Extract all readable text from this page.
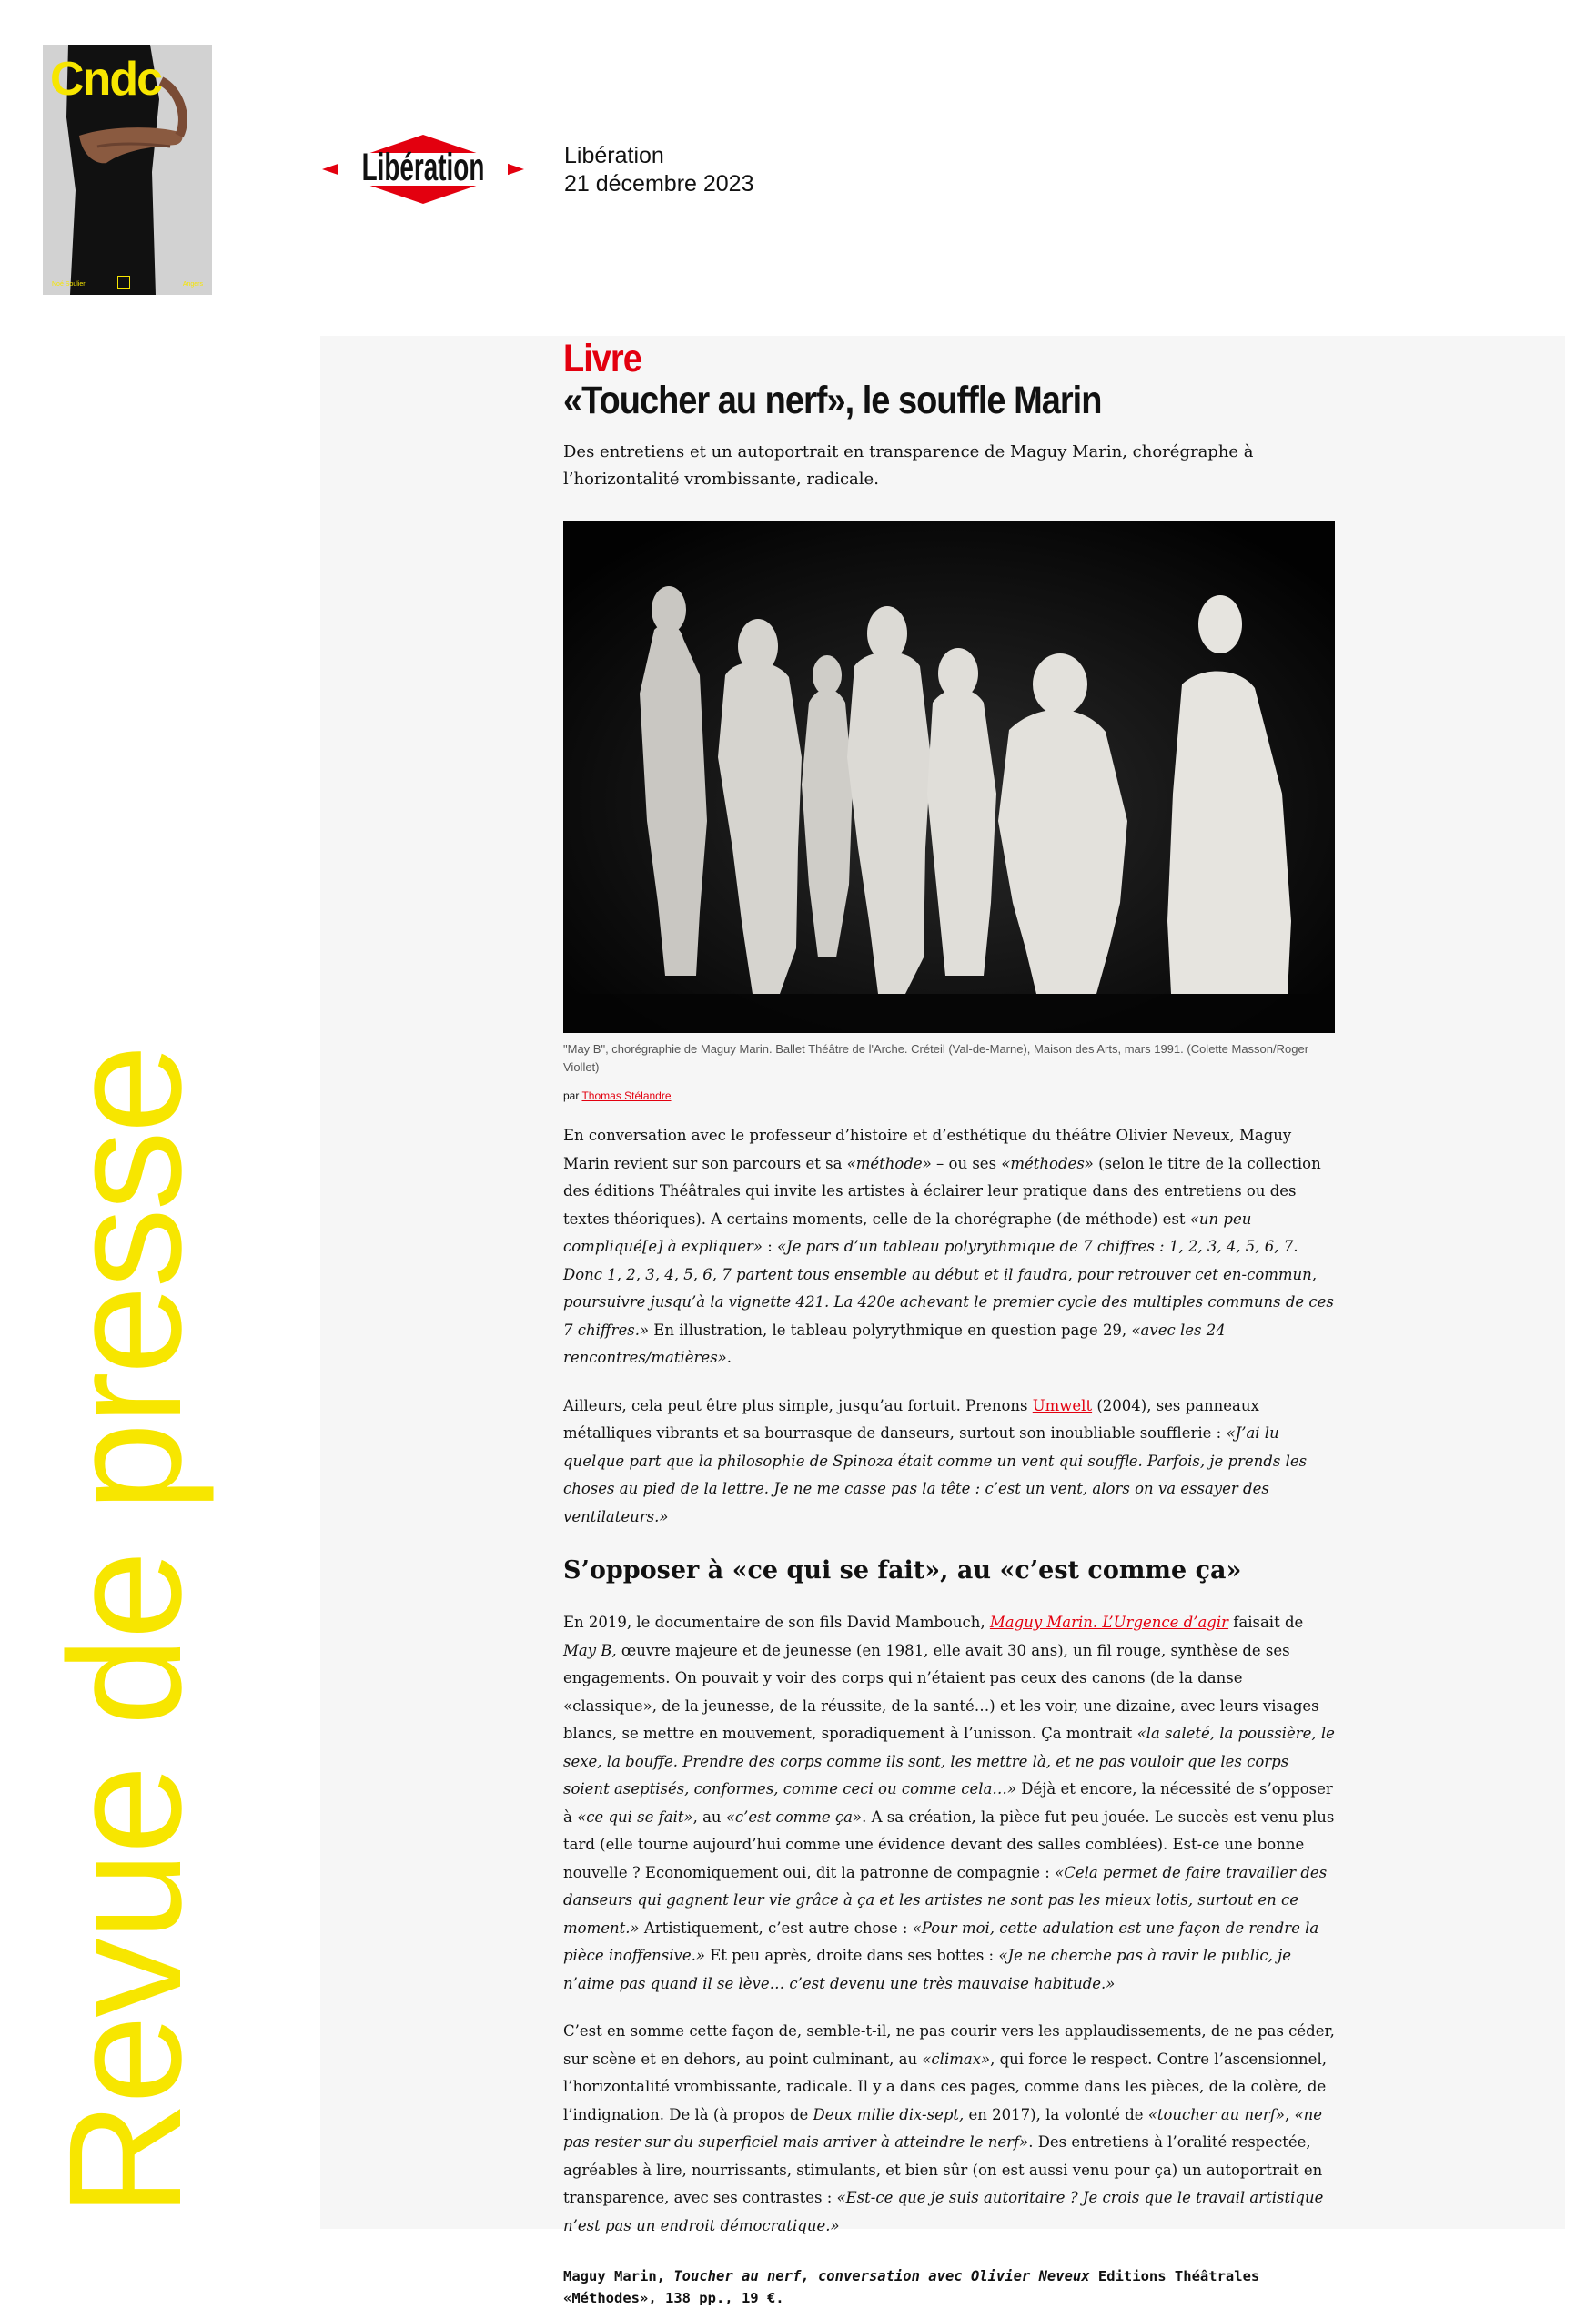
Cndc

Noé Soulier	Angers
Libération	Libération
21 décembre 2023
Revue de presse
Livre
«Toucher au nerf», le souffle Marin

Des entretiens et un autoportrait en transparence de Maguy Marin, chorégraphe à l’horizontalité vrombissante, radicale.

"May B", chorégraphie de Maguy Marin. Ballet Théâtre de l'Arche. Créteil (Val-de-Marne), Maison des Arts, mars 1991. (Colette Masson/Roger Viollet)

par Thomas Stélandre

En conversation avec le professeur d’histoire et d’esthétique du théâtre Olivier Neveux, Maguy Marin revient sur son parcours et sa «méthode» – ou ses «méthodes» (selon le titre de la collection des éditions Théâtrales qui invite les artistes à éclairer leur pratique dans des entretiens ou des textes théoriques). A certains moments, celle de la chorégraphe (de méthode) est «un peu compliqué[e] à expliquer» : «Je pars d’un tableau polyrythmique de 7 chiffres : 1, 2, 3, 4, 5, 6, 7. Donc 1, 2, 3, 4, 5, 6, 7 partent tous ensemble au début et il faudra, pour retrouver cet en-commun, poursuivre jusqu’à la vignette 421. La 420e achevant le premier cycle des multiples communs de ces 7 chiffres.» En illustration, le tableau polyrythmique en question page 29, «avec les 24 rencontres/matières».

Ailleurs, cela peut être plus simple, jusqu’au fortuit. Prenons Umwelt (2004), ses panneaux métalliques vibrants et sa bourrasque de danseurs, surtout son inoubliable soufflerie : «J’ai lu quelque part que la philosophie de Spinoza était comme un vent qui souffle. Parfois, je prends les choses au pied de la lettre. Je ne me casse pas la tête : c’est un vent, alors on va essayer des ventilateurs.»

S’opposer à «ce qui se fait», au «c’est comme ça»

En 2019, le documentaire de son fils David Mambouch, Maguy Marin. L’Urgence d’agir faisait de May B, œuvre majeure et de jeunesse (en 1981, elle avait 30 ans), un fil rouge, synthèse de ses engagements. On pouvait y voir des corps qui n’étaient pas ceux des canons (de la danse «classique», de la jeunesse, de la réussite, de la santé…) et les voir, une dizaine, avec leurs visages blancs, se mettre en mouvement, sporadiquement à l’unisson. Ça montrait «la saleté, la poussière, le sexe, la bouffe. Prendre des corps comme ils sont, les mettre là, et ne pas vouloir que les corps soient aseptisés, conformes, comme ceci ou comme cela…» Déjà et encore, la nécessité de s’opposer à «ce qui se fait», au «c’est comme ça». A sa création, la pièce fut peu jouée. Le succès est venu plus tard (elle tourne aujourd’hui comme une évidence devant des salles comblées). Est-ce une bonne nouvelle ? Economiquement oui, dit la patronne de compagnie : «Cela permet de faire travailler des danseurs qui gagnent leur vie grâce à ça et les artistes ne sont pas les mieux lotis, surtout en ce moment.» Artistiquement, c’est autre chose : «Pour moi, cette adulation est une façon de rendre la pièce inoffensive.» Et peu après, droite dans ses bottes : «Je ne cherche pas à ravir le public, je n’aime pas quand il se lève… c’est devenu une très mauvaise habitude.»

C’est en somme cette façon de, semble-t-il, ne pas courir vers les applaudissements, de ne pas céder, sur scène et en dehors, au point culminant, au «climax», qui force le respect. Contre l’ascensionnel, l’horizontalité vrombissante, radicale. Il y a dans ces pages, comme dans les pièces, de la colère, de l’indignation. De là (à propos de Deux mille dix-sept, en 2017), la volonté de «toucher au nerf», «ne pas rester sur du superficiel mais arriver à atteindre le nerf». Des entretiens à l’oralité respectée, agréables à lire, nourrissants, stimulants, et bien sûr (on est aussi venu pour ça) un autoportrait en transparence, avec ses contrastes : «Est-ce que je suis autoritaire ? Je crois que le travail artistique n’est pas un endroit démocratique.»

Maguy Marin, Toucher au nerf, conversation avec Olivier Neveux Editions Théâtrales «Méthodes», 138 pp., 19 €.
